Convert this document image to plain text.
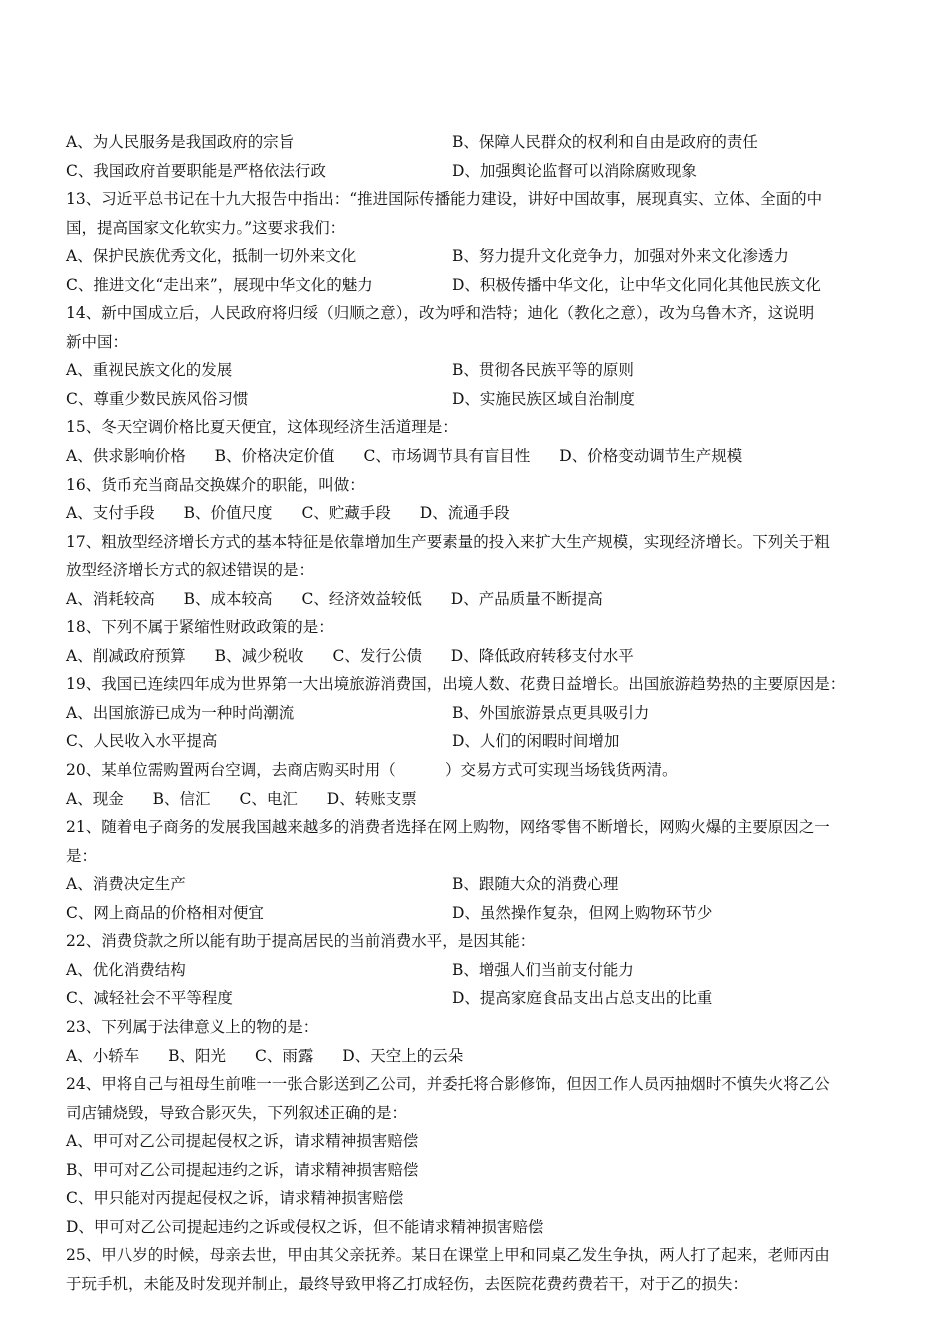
A、为人民服务是我国政府的宗旨	B、保障人民群众的权利和自由是政府的责任
C、我国政府首要职能是严格依法行政	D、加强舆论监督可以消除腐败现象
13、习近平总书记在十九大报告中指出：“推进国际传播能力建设，讲好中国故事，展现真实、立体、全面的中
国，提高国家文化软实力。”这要求我们：
A、保护民族优秀文化，抵制一切外来文化	B、努力提升文化竞争力，加强对外来文化渗透力
C、推进文化“走出来”，展现中华文化的魅力	D、积极传播中华文化，让中华文化同化其他民族文化
14、新中国成立后，人民政府将归绥（归顺之意），改为呼和浩特；迪化（教化之意），改为乌鲁木齐，这说明
新中国：
A、重视民族文化的发展	B、贯彻各民族平等的原则
C、尊重少数民族风俗习惯	D、实施民族区域自治制度
15、冬天空调价格比夏天便宜，这体现经济生活道理是：
A、供求影响价格 B、价格决定价值 C、市场调节具有盲目性 D、价格变动调节生产规模
16、货币充当商品交换媒介的职能，叫做：
A、支付手段 B、价值尺度 C、贮藏手段 D、流通手段
17、粗放型经济增长方式的基本特征是依靠增加生产要素量的投入来扩大生产规模，实现经济增长。下列关于粗
放型经济增长方式的叙述错误的是：
A、消耗较高 B、成本较高 C、经济效益较低 D、产品质量不断提高
18、下列不属于紧缩性财政政策的是：
A、削减政府预算 B、减少税收 C、发行公债 D、降低政府转移支付水平
19、我国已连续四年成为世界第一大出境旅游消费国，出境人数、花费日益增长。出国旅游趋势热的主要原因是：
A、出国旅游已成为一种时尚潮流	B、外国旅游景点更具吸引力
C、人民收入水平提高	D、人们的闲暇时间增加
20、某单位需购置两台空调，去商店购买时用（          ）交易方式可实现当场钱货两清。
A、现金 B、信汇 C、电汇 D、转账支票
21、随着电子商务的发展我国越来越多的消费者选择在网上购物，网络零售不断增长，网购火爆的主要原因之一
是：
A、消费决定生产	B、跟随大众的消费心理
C、网上商品的价格相对便宜	D、虽然操作复杂，但网上购物环节少
22、消费贷款之所以能有助于提高居民的当前消费水平，是因其能：
A、优化消费结构	B、增强人们当前支付能力
C、减轻社会不平等程度	D、提高家庭食品支出占总支出的比重
23、下列属于法律意义上的物的是：
A、小轿车 B、阳光 C、雨露 D、天空上的云朵
24、甲将自己与祖母生前唯一一张合影送到乙公司，并委托将合影修饰，但因工作人员丙抽烟时不慎失火将乙公
司店铺烧毁，导致合影灭失，下列叙述正确的是：
A、甲可对乙公司提起侵权之诉，请求精神损害赔偿
B、甲可对乙公司提起违约之诉，请求精神损害赔偿
C、甲只能对丙提起侵权之诉，请求精神损害赔偿
D、甲可对乙公司提起违约之诉或侵权之诉，但不能请求精神损害赔偿
25、甲八岁的时候，母亲去世，甲由其父亲抚养。某日在课堂上甲和同桌乙发生争执，两人打了起来，老师丙由
于玩手机，未能及时发现并制止，最终导致甲将乙打成轻伤，去医院花费药费若干，对于乙的损失：
